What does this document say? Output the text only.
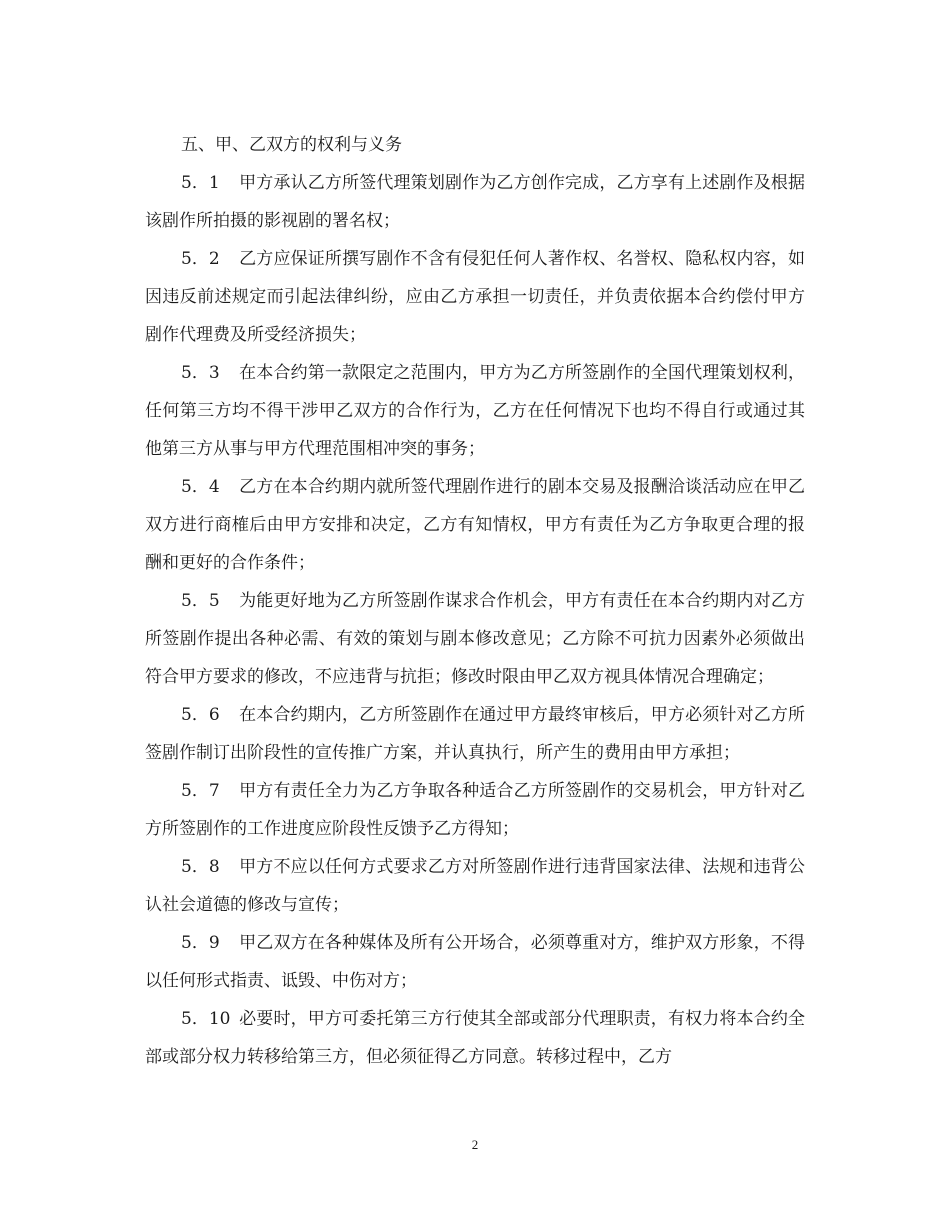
五、甲、乙双方的权利与义务

5．1 甲方承认乙方所签代理策划剧作为乙方创作完成，乙方享有上述剧作及根据该剧作所拍摄的影视剧的署名权；

5．2 乙方应保证所撰写剧作不含有侵犯任何人著作权、名誉权、隐私权内容，如因违反前述规定而引起法律纠纷，应由乙方承担一切责任，并负责依据本合约偿付甲方剧作代理费及所受经济损失；

5．3 在本合约第一款限定之范围内，甲方为乙方所签剧作的全国代理策划权利，任何第三方均不得干涉甲乙双方的合作行为，乙方在任何情况下也均不得自行或通过其他第三方从事与甲方代理范围相冲突的事务；

5．4 乙方在本合约期内就所签代理剧作进行的剧本交易及报酬洽谈活动应在甲乙双方进行商榷后由甲方安排和决定，乙方有知情权，甲方有责任为乙方争取更合理的报酬和更好的合作条件；

5．5 为能更好地为乙方所签剧作谋求合作机会，甲方有责任在本合约期内对乙方所签剧作提出各种必需、有效的策划与剧本修改意见；乙方除不可抗力因素外必须做出符合甲方要求的修改，不应违背与抗拒；修改时限由甲乙双方视具体情况合理确定；

5．6 在本合约期内，乙方所签剧作在通过甲方最终审核后，甲方必须针对乙方所签剧作制订出阶段性的宣传推广方案，并认真执行，所产生的费用由甲方承担；

5．7 甲方有责任全力为乙方争取各种适合乙方所签剧作的交易机会，甲方针对乙方所签剧作的工作进度应阶段性反馈予乙方得知；

5．8 甲方不应以任何方式要求乙方对所签剧作进行违背国家法律、法规和违背公认社会道德的修改与宣传；

5．9 甲乙双方在各种媒体及所有公开场合，必须尊重对方，维护双方形象，不得以任何形式指责、诋毁、中伤对方；

5．10 必要时，甲方可委托第三方行使其全部或部分代理职责，有权力将本合约全部或部分权力转移给第三方，但必须征得乙方同意。转移过程中，乙方

2
